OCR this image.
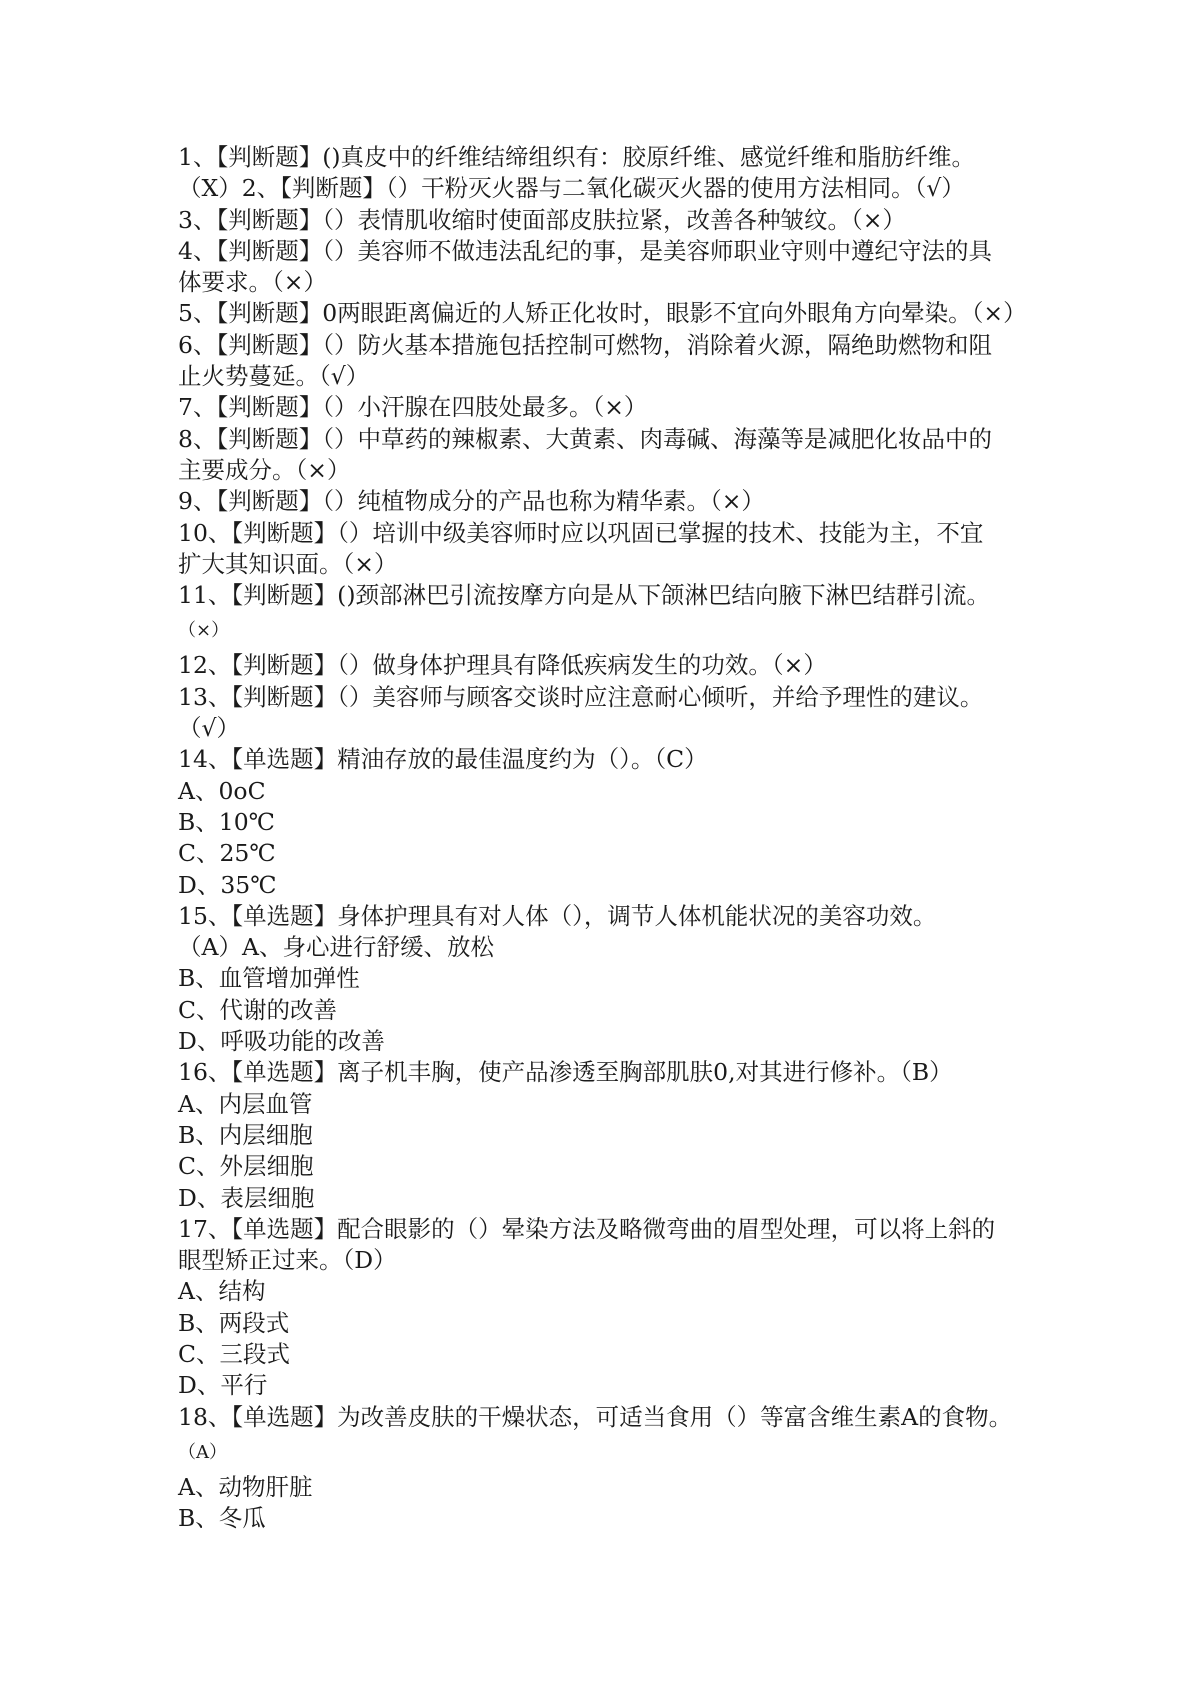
1、【判断题】()真皮中的纤维结缔组织有：胶原纤维、感觉纤维和脂肪纤维。
（X）2、【判断题】（）干粉灭火器与二氧化碳灭火器的使用方法相同。（√）
3、【判断题】（）表情肌收缩时使面部皮肤拉紧，改善各种皱纹。（×）
4、【判断题】（）美容师不做违法乱纪的事，是美容师职业守则中遵纪守法的具
体要求。（×）
5、【判断题】0两眼距离偏近的人矫正化妆时，眼影不宜向外眼角方向晕染。（×）
6、【判断题】（）防火基本措施包括控制可燃物，消除着火源，隔绝助燃物和阻
止火势蔓延。（√）
7、【判断题】（）小汗腺在四肢处最多。（×）
8、【判断题】（）中草药的辣椒素、大黄素、肉毒碱、海藻等是减肥化妆品中的
主要成分。（×）
9、【判断题】（）纯植物成分的产品也称为精华素。（×）
10、【判断题】（）培训中级美容师时应以巩固已掌握的技术、技能为主，不宜
扩大其知识面。（×）
11、【判断题】()颈部淋巴引流按摩方向是从下颌淋巴结向腋下淋巴结群引流。
（×）
12、【判断题】（）做身体护理具有降低疾病发生的功效。（×）
13、【判断题】（）美容师与顾客交谈时应注意耐心倾听，并给予理性的建议。
（√）
14、【单选题】精油存放的最佳温度约为（）。（C）
A、0oC
B、10℃
C、25℃
D、35℃
15、【单选题】身体护理具有对人体（），调节人体机能状况的美容功效。
（A）A、身心进行舒缓、放松
B、血管增加弹性
C、代谢的改善
D、呼吸功能的改善
16、【单选题】离子机丰胸，使产品渗透至胸部肌肤0,对其进行修补。（B）
A、内层血管
B、内层细胞
C、外层细胞
D、表层细胞
17、【单选题】配合眼影的（）晕染方法及略微弯曲的眉型处理，可以将上斜的
眼型矫正过来。（D）
A、结构
B、两段式
C、三段式
D、平行
18、【单选题】为改善皮肤的干燥状态，可适当食用（）等富含维生素A的食物。
（A）
A、动物肝脏
B、冬瓜
